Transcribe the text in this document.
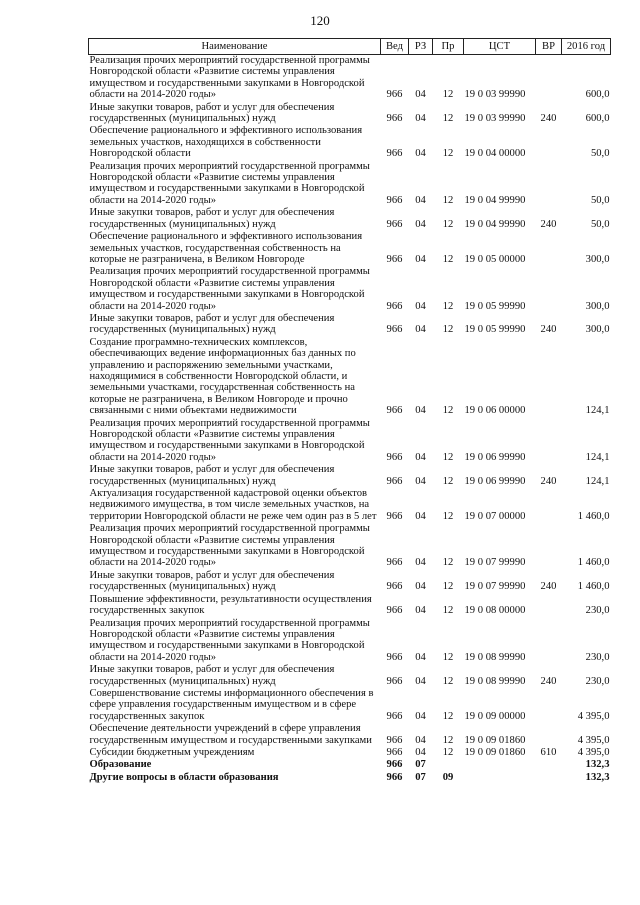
120
Наименование	Вед	РЗ	Пр	ЦСТ	ВР	2016 год
Реализация прочих мероприятий государственной программы Новгородской области «Развитие системы управления имуществом и государственными закупками в Новгородской области на 2014-2020 годы»	966	04	12	19 0 03 99990		600,0
Иные закупки товаров, работ и услуг для обеспечения государственных (муниципальных) нужд	966	04	12	19 0 03 99990	240	600,0
Обеспечение рационального и эффективного использования земельных участков, находящихся в собственности Новгородской области	966	04	12	19 0 04 00000		50,0
Реализация прочих мероприятий государственной программы Новгородской области «Развитие системы управления имуществом и государственными закупками в Новгородской области на 2014-2020 годы»	966	04	12	19 0 04 99990		50,0
Иные закупки товаров, работ и услуг для обеспечения государственных (муниципальных) нужд	966	04	12	19 0 04 99990	240	50,0
Обеспечение рационального и эффективного использования земельных участков, государственная собственность на которые не разграничена, в Великом Новгороде	966	04	12	19 0 05 00000		300,0
Реализация прочих мероприятий государственной программы Новгородской области «Развитие системы управления имуществом и государственными закупками в Новгородской области на 2014-2020 годы»	966	04	12	19 0 05 99990		300,0
Иные закупки товаров, работ и услуг для обеспечения государственных (муниципальных) нужд	966	04	12	19 0 05 99990	240	300,0
Создание программно-технических комплексов, обеспечивающих ведение информационных баз данных по управлению и распоряжению земельными участками, находящимися в собственности Новгородской области, и земельными участками, государственная собственность на которые не разграничена, в Великом Новгороде и прочно связанными с ними объектами недвижимости	966	04	12	19 0 06 00000		124,1
Реализация прочих мероприятий государственной программы Новгородской области «Развитие системы управления имуществом и государственными закупками в Новгородской области на 2014-2020 годы»	966	04	12	19 0 06 99990		124,1
Иные закупки товаров, работ и услуг для обеспечения государственных (муниципальных) нужд	966	04	12	19 0 06 99990	240	124,1
Актуализация государственной кадастровой оценки объектов недвижимого имущества, в том числе земельных участков, на территории Новгородской области не реже чем один раз в 5 лет	966	04	12	19 0 07 00000		1 460,0
Реализация прочих мероприятий государственной программы Новгородской области «Развитие системы управления имуществом и государственными закупками в Новгородской области на 2014-2020 годы»	966	04	12	19 0 07 99990		1 460,0
Иные закупки товаров, работ и услуг для обеспечения государственных (муниципальных) нужд	966	04	12	19 0 07 99990	240	1 460,0
Повышение эффективности, результативности осуществления государственных закупок	966	04	12	19 0 08 00000		230,0
Реализация прочих мероприятий государственной программы Новгородской области «Развитие системы управления имуществом и государственными закупками в Новгородской области на 2014-2020 годы»	966	04	12	19 0 08 99990		230,0
Иные закупки товаров, работ и услуг для обеспечения государственных (муниципальных) нужд	966	04	12	19 0 08 99990	240	230,0
Совершенствование системы информационного обеспечения в сфере управления государственным имуществом и в сфере государственных закупок	966	04	12	19 0 09 00000		4 395,0
Обеспечение деятельности учреждений в сфере управления государственным имуществом и государственными закупками	966	04	12	19 0 09 01860		4 395,0
Субсидии бюджетным учреждениям	966	04	12	19 0 09 01860	610	4 395,0
Образование	966	07				132,3
Другие вопросы в области образования	966	07	09			132,3
